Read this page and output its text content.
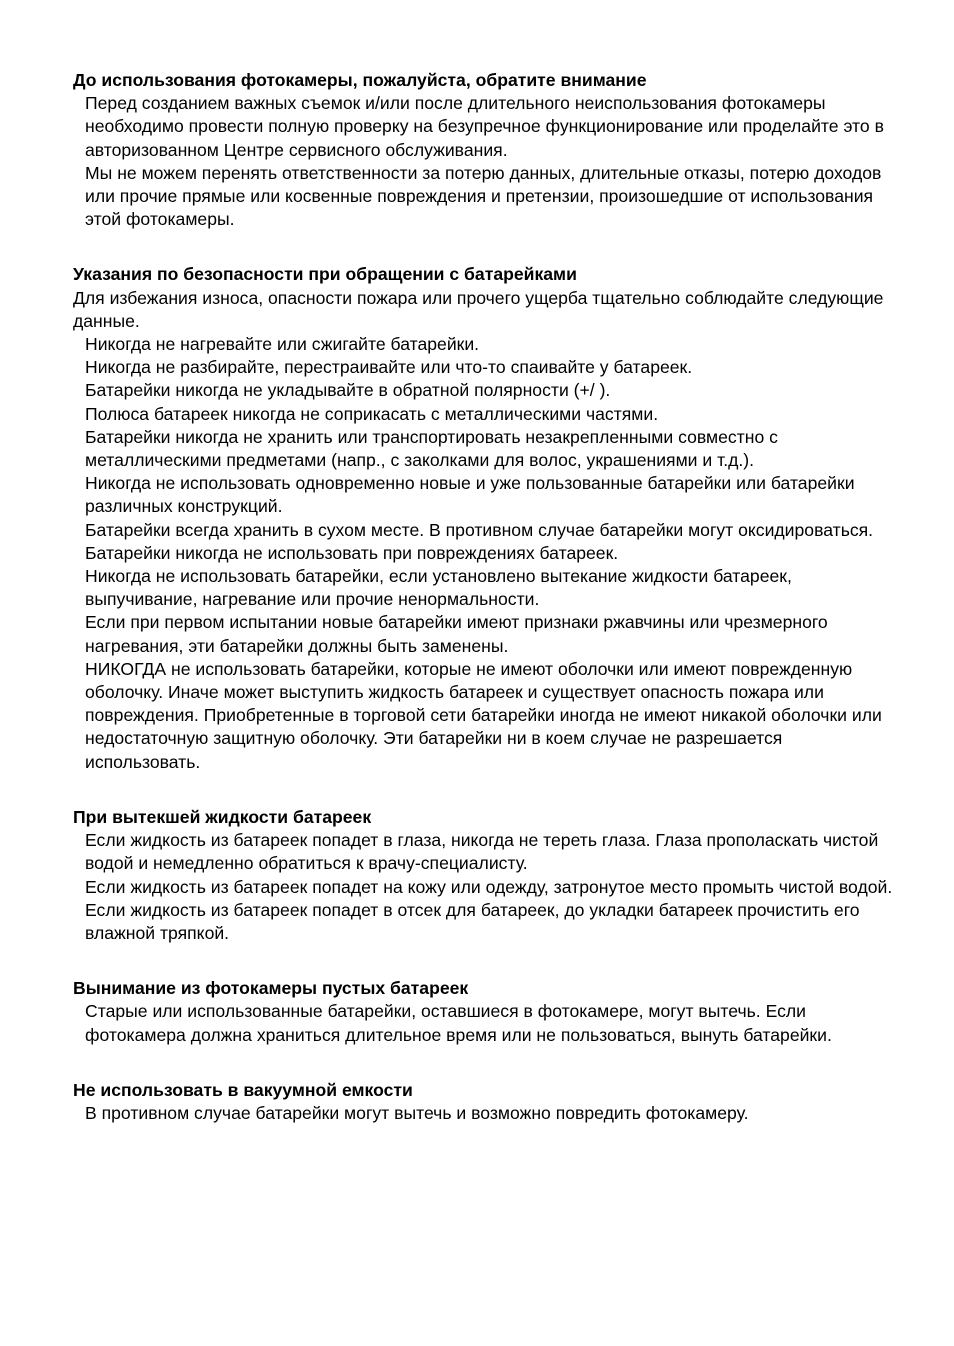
До использования фотокамеры, пожалуйста, обратите внимание

Перед созданием важных съемок и/или после длительного неиспользования фотокамеры необходимо провести полную проверку на безупречное функционирование или проделайте это в авторизованном Центре сервисного обслуживания.

Мы не можем перенять ответственности за потерю данных, длительные отказы, потерю доходов или прочие прямые или косвенные повреждения и претензии, произошедшие от использования этой фотокамеры.

Указания по безопасности при обращении с батарейками

Для избежания износа, опасности пожара или прочего ущерба тщательно соблюдайте следующие данные.

Никогда не нагревайте или сжигайте батарейки.

Никогда не разбирайте, перестраивайте или что-то спаивайте у батареек.

Батарейки никогда не укладывайте в обратной полярности (+/ ).

Полюса батареек никогда не соприкасать с металлическими частями.

Батарейки никогда не хранить или транспортировать незакрепленными совместно с металлическими предметами (напр., с заколками для волос, украшениями и т.д.).

Никогда не использовать одновременно новые и уже пользованные батарейки или батарейки различных конструкций.

Батарейки всегда хранить в сухом месте. В противном случае батарейки могут оксидироваться.

Батарейки никогда не использовать при повреждениях батареек.

Никогда не использовать батарейки, если установлено вытекание жидкости батареек, выпучивание, нагревание или прочие ненормальности.

Если при первом испытании новые батарейки имеют признаки ржавчины или чрезмерного нагревания, эти батарейки должны быть заменены.

НИКОГДА не использовать батарейки, которые не имеют оболочки или имеют поврежденную оболочку. Иначе может выступить жидкость батареек и существует опасность пожара или повреждения. Приобретенные в торговой сети батарейки иногда не имеют никакой оболочки или недостаточную защитную оболочку. Эти батарейки ни в коем случае не разрешается использовать.

При вытекшей жидкости батареек

Если жидкость из батареек попадет в глаза, никогда не тереть глаза. Глаза прополаскать чистой водой и немедленно обратиться к врачу-специалисту.

Если жидкость из батареек попадет на кожу или одежду, затронутое место промыть чистой водой.

Если жидкость из батареек попадет в отсек для батареек, до укладки батареек прочистить его влажной тряпкой.

Вынимание из фотокамеры пустых батареек

Старые или использованные батарейки, оставшиеся в фотокамере, могут вытечь. Если фотокамера должна храниться длительное время или не пользоваться, вынуть батарейки.

Не использовать в вакуумной емкости

В противном случае батарейки могут вытечь и возможно повредить фотокамеру.
